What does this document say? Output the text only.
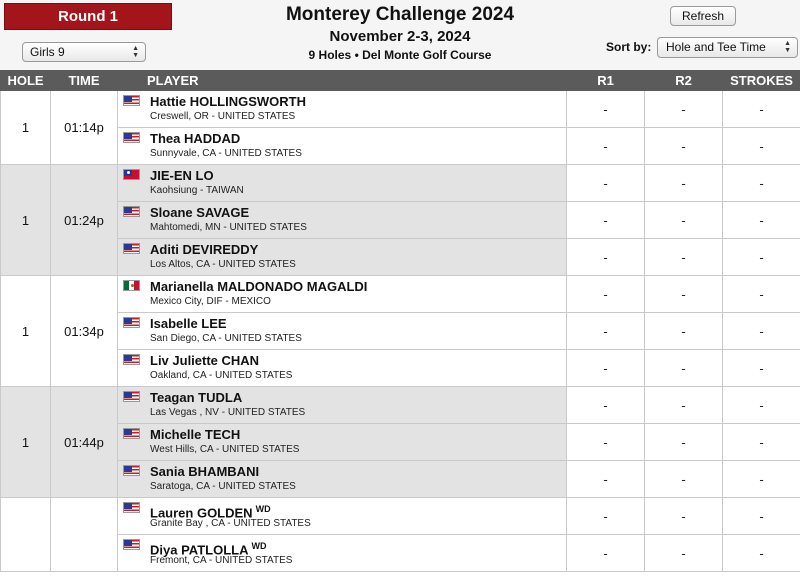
Round 1
Girls 9	▲
▼
Monterey Challenge 2024
November 2-3, 2024
9 Holes • Del Monte Golf Course
Refresh
Sort by:	Hole and Tee Time	▲
▼
HOLE	TIME	PLAYER	R1	R2	STROKES
1	01:14p	Hattie HOLLINGSWORTH
Creswell, OR - UNITED STATES	-	-	-

		Thea HADDAD
Sunnyvale, CA - UNITED STATES	-	-	-
1	01:24p	JIE-EN LO
Kaohsiung - TAIWAN	-	-	-

		Sloane SAVAGE
Mahtomedi, MN - UNITED STATES	-	-	-

		Aditi DEVIREDDY
Los Altos, CA - UNITED STATES	-	-	-
1	01:34p	Marianella MALDONADO MAGALDI
Mexico City, DIF - MEXICO	-	-	-

		Isabelle LEE
San Diego, CA - UNITED STATES	-	-	-

		Liv Juliette CHAN
Oakland, CA - UNITED STATES	-	-	-
1	01:44p	Teagan TUDLA
Las Vegas , NV - UNITED STATES	-	-	-

		Michelle TECH
West Hills, CA - UNITED STATES	-	-	-

		Sania BHAMBANI
Saratoga, CA - UNITED STATES	-	-	-

		Lauren GOLDEN $^{WD}$
Granite Bay , CA - UNITED STATES	-	-	-

		Diya PATLOLLA $^{WD}$
Fremont, CA - UNITED STATES	-	-	-
